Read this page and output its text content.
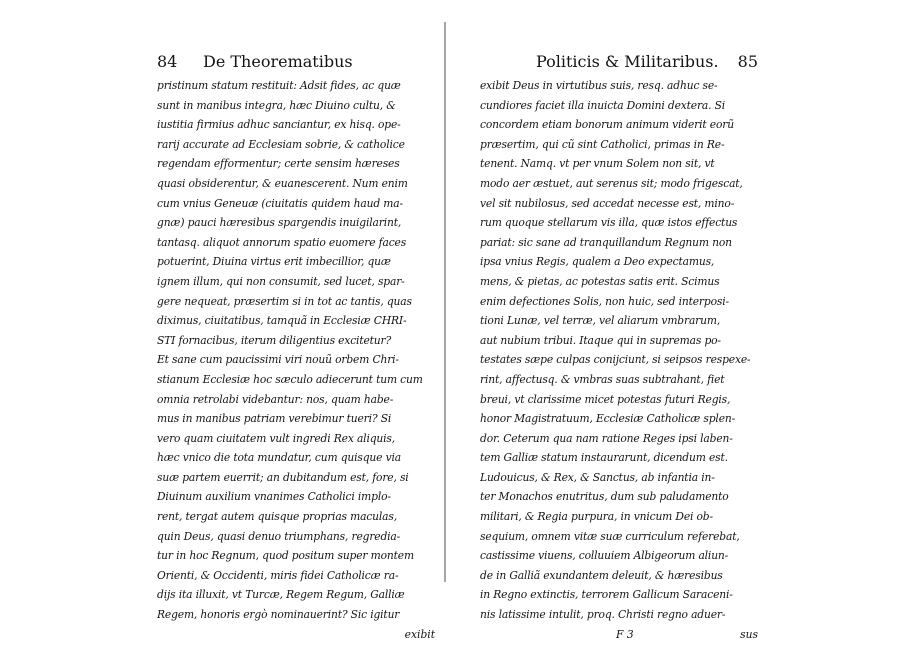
84 De Theorematibus
pristinum statum restituit: Adsit fides, ac quæ
sunt in manibus integra, hæc Diuino cultu, &
iustitia firmius adhuc sanciantur, ex hisq. ope-
rarij accurate ad Ecclesiam sobrie, & catholice
regendam efformentur; certe sensim hæreses
quasi obsiderentur, & euanescerent. Num enim
cum vnius Geneuæ (ciuitatis quidem haud ma-
gnæ) pauci hæresibus spargendis inuigilarint,
tantasq. aliquot annorum spatio euomere faces
potuerint, Diuina virtus erit imbecillior, quæ
ignem illum, qui non consumit, sed lucet, spar-
gere nequeat, præsertim si in tot ac tantis, quas
diximus, ciuitatibus, tamquã in Ecclesiæ CHRI-
STI fornacibus, iterum diligentius excitetur?
Et sane cum paucissimi viri nouũ orbem Chri-
stianum Ecclesiæ hoc sæculo adiecerunt tum cum
omnia retrolabi videbantur: nos, quam habe-
mus in manibus patriam verebimur tueri? Si
vero quam ciuitatem vult ingredi Rex aliquis,
hæc vnico die tota mundatur, cum quisque via
suæ partem euerrit; an dubitandum est, fore, si
Diuinum auxilium vnanimes Catholici implo-
rent, tergat autem quisque proprias maculas,
quin Deus, quasi denuo triumphans, regredia-
tur in hoc Regnum, quod positum super montem
Orienti, & Occidenti, miris fidei Catholicæ ra-
dijs ita illuxit, vt Turcæ, Regem Regum, Galliæ
Regem, honoris ergò nominauerint? Sic igitur
exibit
Politicis & Militaribus. 85
exibit Deus in virtutibus suis, resq. adhuc se-
cundiores faciet illa inuicta Domini dextera. Si
concordem etiam bonorum animum viderit eorũ
præsertim, qui cũ sint Catholici, primas in Re-
tenent. Namq. vt per vnum Solem non sit, vt
modo aer æstuet, aut serenus sit; modo frigescat,
vel sit nubilosus, sed accedat necesse est, mino-
rum quoque stellarum vis illa, quæ istos effectus
pariat: sic sane ad tranquillandum Regnum non
ipsa vnius Regis, qualem a Deo expectamus,
mens, & pietas, ac potestas satis erit. Scimus
enim defectiones Solis, non huic, sed interposi-
tioni Lunæ, vel terræ, vel aliarum vmbrarum,
aut nubium tribui. Itaque qui in supremas po-
testates sæpe culpas conijciunt, si seipsos respexe-
rint, affectusq. & vmbras suas subtrahant, fiet
breui, vt clarissime micet potestas futuri Regis,
honor Magistratuum, Ecclesiæ Catholicæ splen-
dor. Ceterum qua nam ratione Reges ipsi laben-
tem Galliæ statum instaurarunt, dicendum est.
Ludouicus, & Rex, & Sanctus, ab infantia in-
ter Monachos enutritus, dum sub paludamento
militari, & Regia purpura, in vnicum Dei ob-
sequium, omnem vitæ suæ curriculum referebat,
castissime viuens, colluuiem Albigeorum aliun-
de in Galliã exundantem deleuit, & hæresibus
in Regno extinctis, terrorem Gallicum Saraceni-
nis latissime intulit, proq. Christi regno aduer-
F 3	sus
